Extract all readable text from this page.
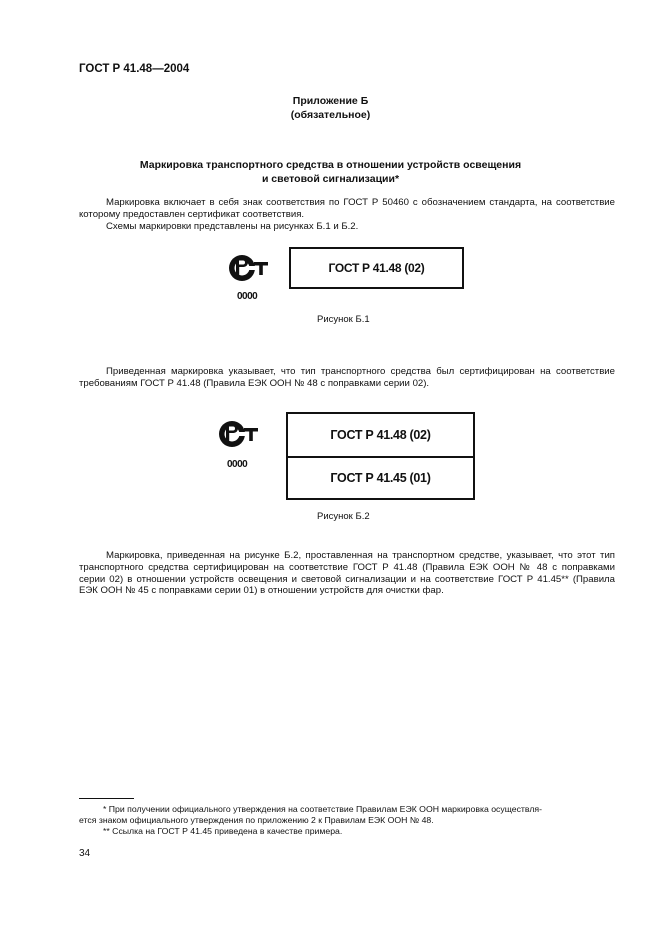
ГОСТ Р 41.48—2004
Приложение Б
(обязательное)
Маркировка транспортного средства в отношении устройств освещения
и световой сигнализации*

Маркировка включает в себя знак соответствия по ГОСТ Р 50460 с обозначением стандарта, на соответствие

которому предоставлен сертификат соответствия.

Схемы маркировки представлены на рисунках Б.1 и Б.2.

0000
ГОСТ Р 41.48 (02)
Рисунок Б.1

Приведенная маркировка указывает, что тип транспортного средства был сертифицирован на соответствие

требованиям ГОСТ Р 41.48 (Правила ЕЭК ООН № 48 с поправками серии 02).

0000
ГОСТ Р 41.48 (02)
ГОСТ Р 41.45 (01)
Рисунок Б.2

Маркировка, приведенная на рисунке Б.2, проставленная на транспортном средстве, указывает, что этот тип

транспортного средства сертифицирован на соответствие ГОСТ Р 41.48 (Правила ЕЭК ООН № 48 с поправками

серии 02) в отношении устройств освещения и световой сигнализации и на соответствие ГОСТ Р 41.45** (Правила

ЕЭК ООН № 45 с поправками серии 01) в отношении устройств для очистки фар.

* При получении официального утверждения на соответствие Правилам ЕЭК ООН маркировка осуществля-

ется знаком официального утверждения по приложению 2 к Правилам ЕЭК ООН № 48.

** Ссылка на ГОСТ Р 41.45 приведена в качестве примера.

34
